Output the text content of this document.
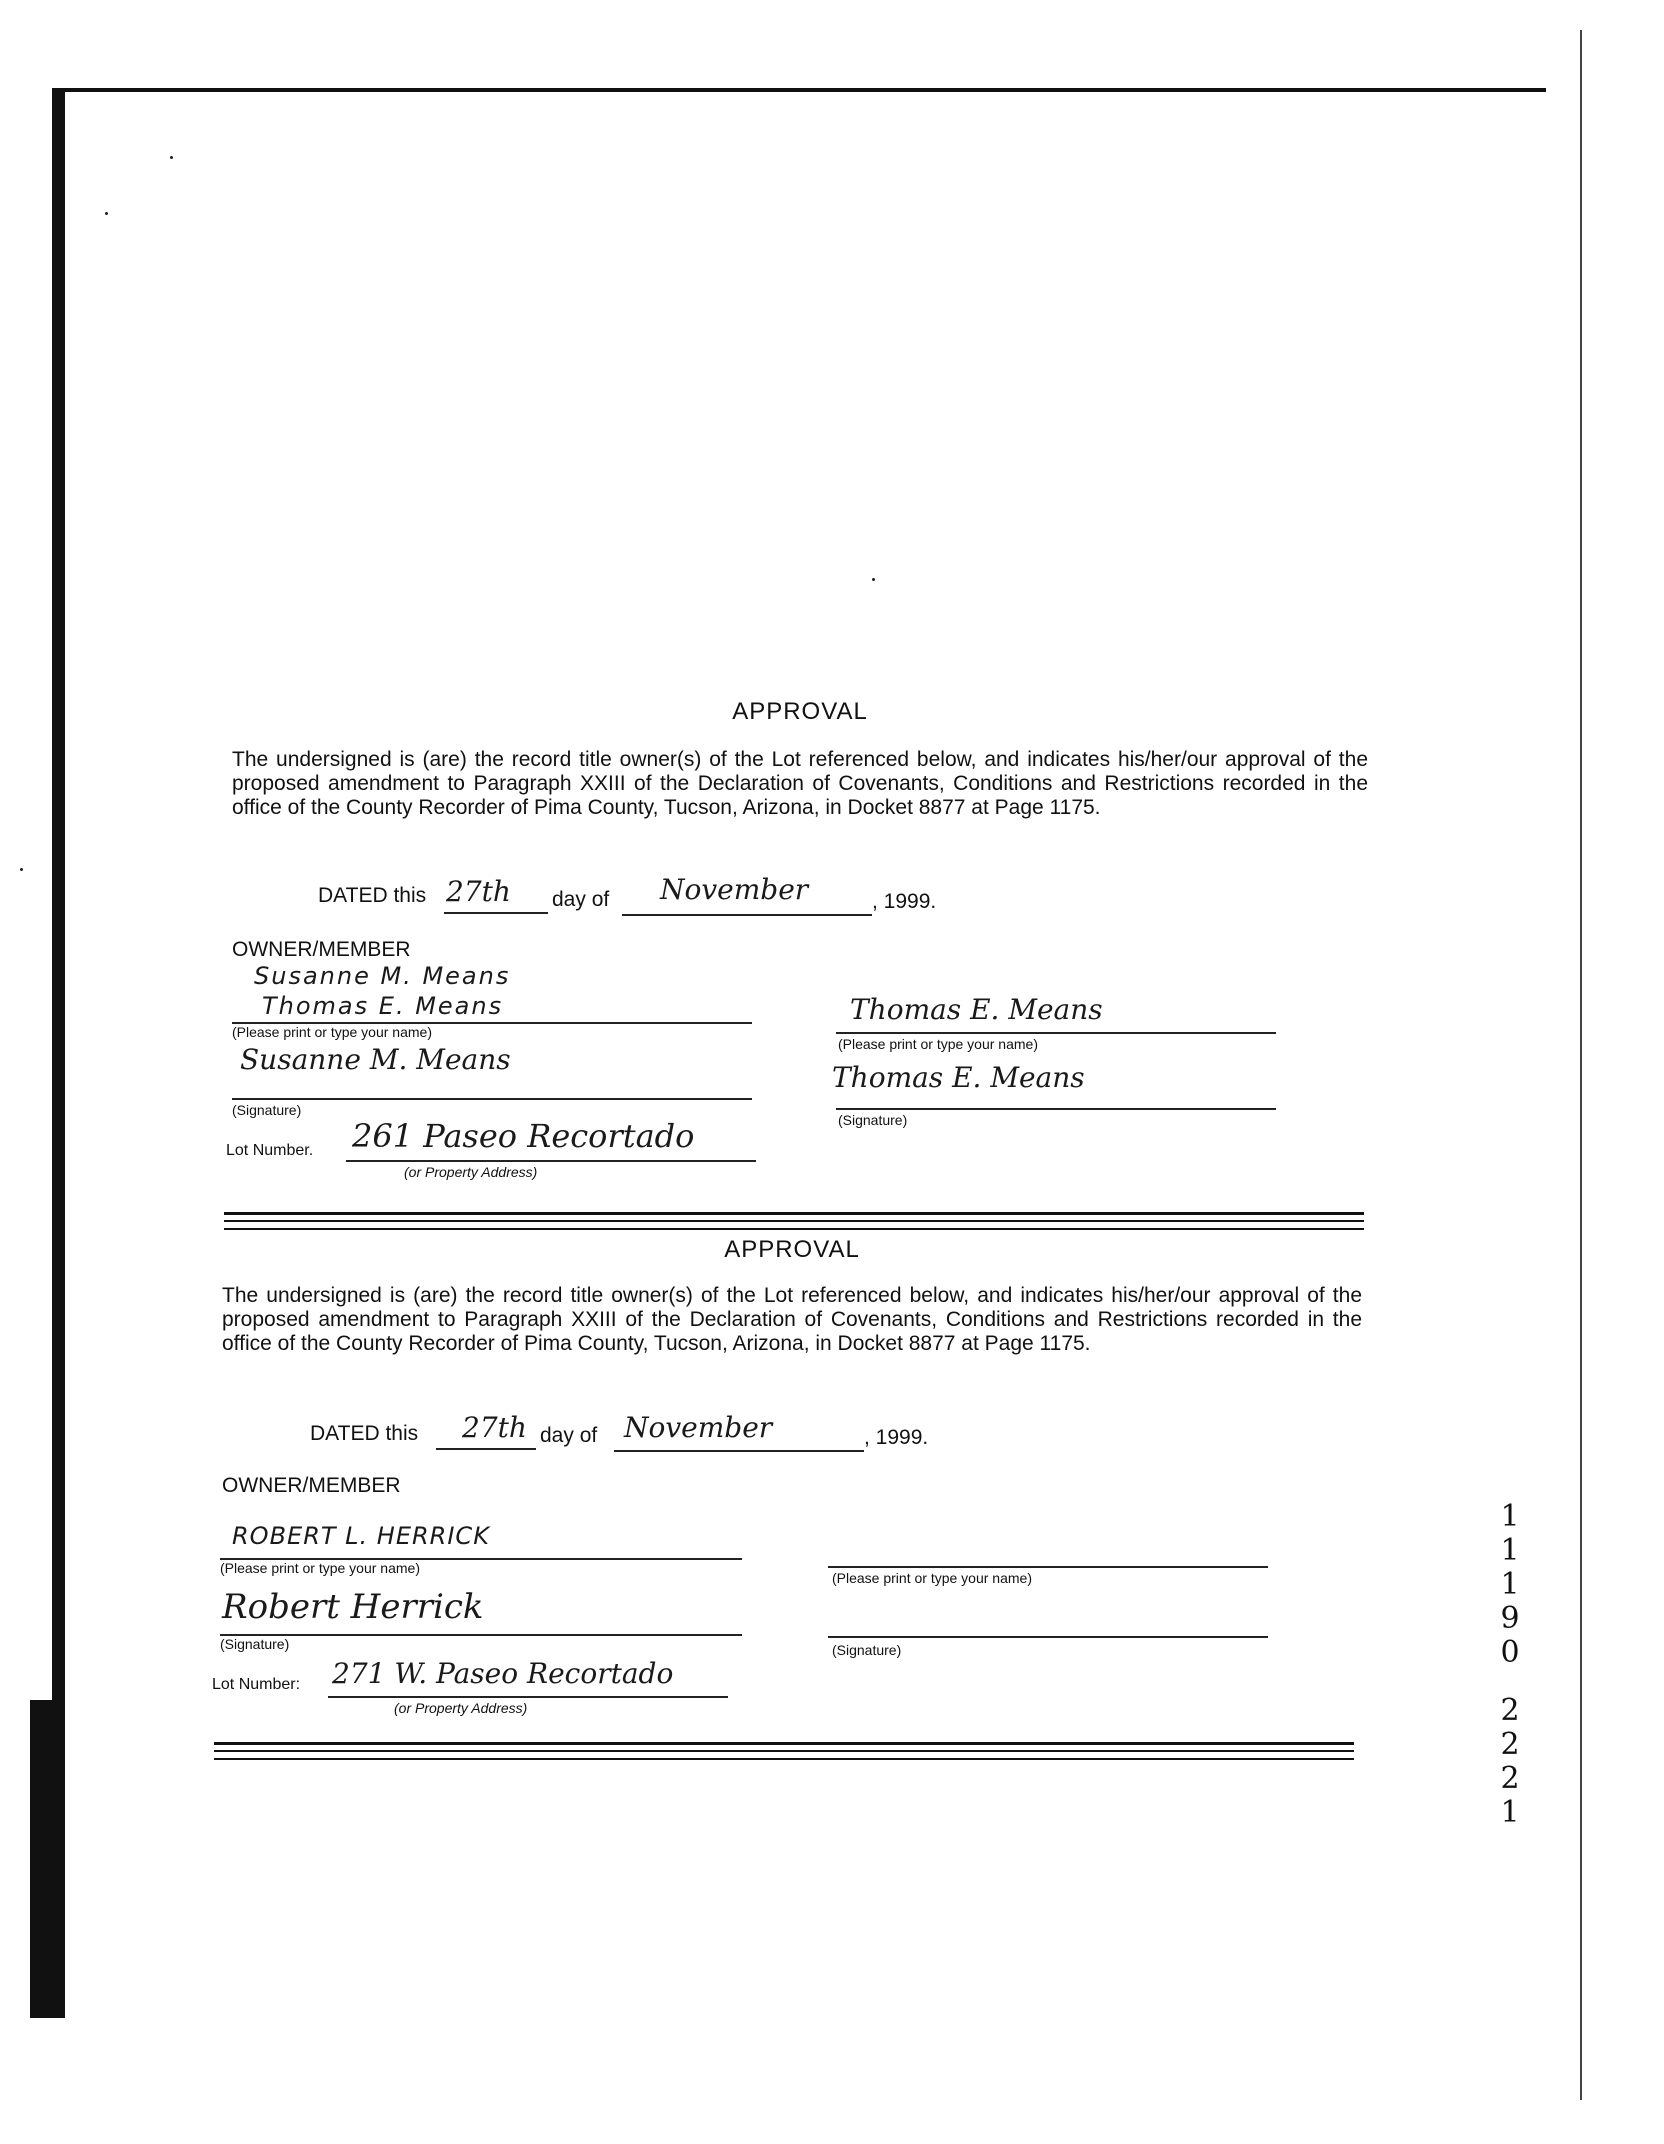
APPROVAL
The undersigned is (are) the record title owner(s) of the Lot referenced below, and indicates his/her/our approval of the proposed amendment to Paragraph XXIII of the Declaration of Covenants, Conditions and Restrictions recorded in the office of the County Recorder of Pima County, Tucson, Arizona, in Docket 8877 at Page 1175.
DATED this 27th day of November	, 1999.
OWNER/MEMBER
Susanne M. Means
Thomas E. Means
(Please print or type your name)
Susanne M. Means
(Signature)
Thomas E. Means
(Please print or type your name)
Thomas E. Means
(Signature)
Lot Number. 261 Paseo Recortado
(or Property Address)
APPROVAL
The undersigned is (are) the record title owner(s) of the Lot referenced below, and indicates his/her/our approval of the proposed amendment to Paragraph XXIII of the Declaration of Covenants, Conditions and Restrictions recorded in the office of the County Recorder of Pima County, Tucson, Arizona, in Docket 8877 at Page 1175.
DATED this 27th day of November	, 1999.
OWNER/MEMBER
ROBERT L. HERRICK
(Please print or type your name)
Robert Herrick
(Signature)
(Please print or type your name)
(Signature)
Lot Number: 271 W. Paseo Recortado
(or Property Address)
1
1
1
9
0
2
2
2
1
